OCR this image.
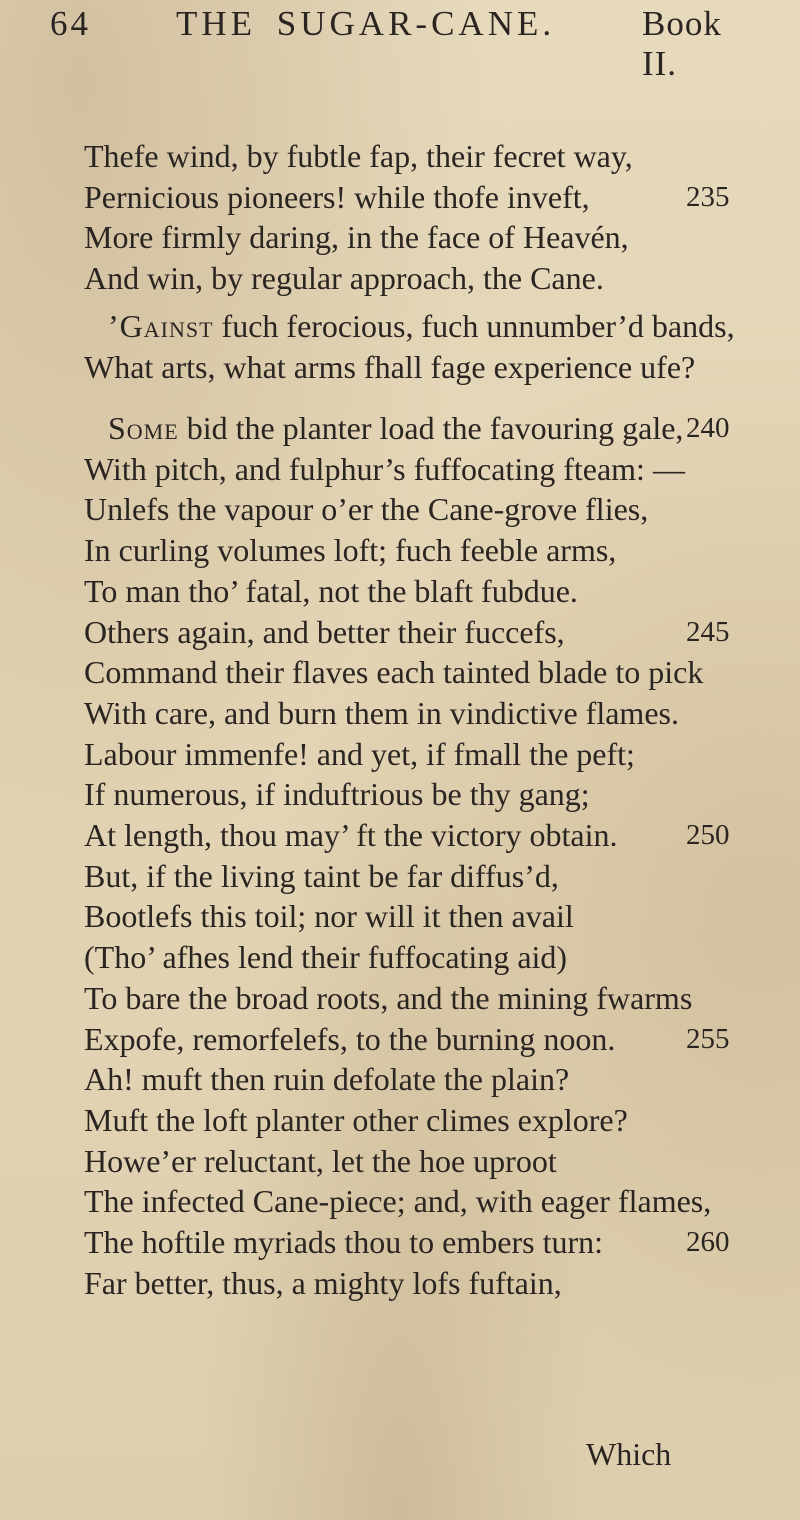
64 THE SUGAR-CANE. Book II.
Thefe wind, by fubtle fap, their fecret way,
Pernicious pioneers! while thofe inveft,	235
More firmly daring, in the face of Heavén,
And win, by regular approach, the Cane.
’Gainst fuch ferocious, fuch unnumber’d bands,
What arts, what arms fhall fage experience ufe?
Some bid the planter load the favouring gale, 240
With pitch, and fulphur’s fuffocating fteam: —
Unlefs the vapour o’er the Cane-grove flies,
In curling volumes loft; fuch feeble arms,
To man tho’ fatal, not the blaft fubdue.
Others again, and better their fuccefs,	245
Command their flaves each tainted blade to pick
With care, and burn them in vindictive flames.
Labour immenfe! and yet, if fmall the peft;
If numerous, if induftrious be thy gang;
At length, thou may’ ft the victory obtain. 250
But, if the living taint be far diffus’d,
Bootlefs this toil; nor will it then avail
(Tho’ afhes lend their fuffocating aid)
To bare the broad roots, and the mining fwarms
Expofe, remorfelefs, to the burning noon. 255
Ah! muft then ruin defolate the plain?
Muft the loft planter other climes explore?
Howe’er reluctant, let the hoe uproot
The infected Cane-piece; and, with eager flames,
The hoftile myriads thou to embers turn:	260
Far better, thus, a mighty lofs fuftain,
Which
